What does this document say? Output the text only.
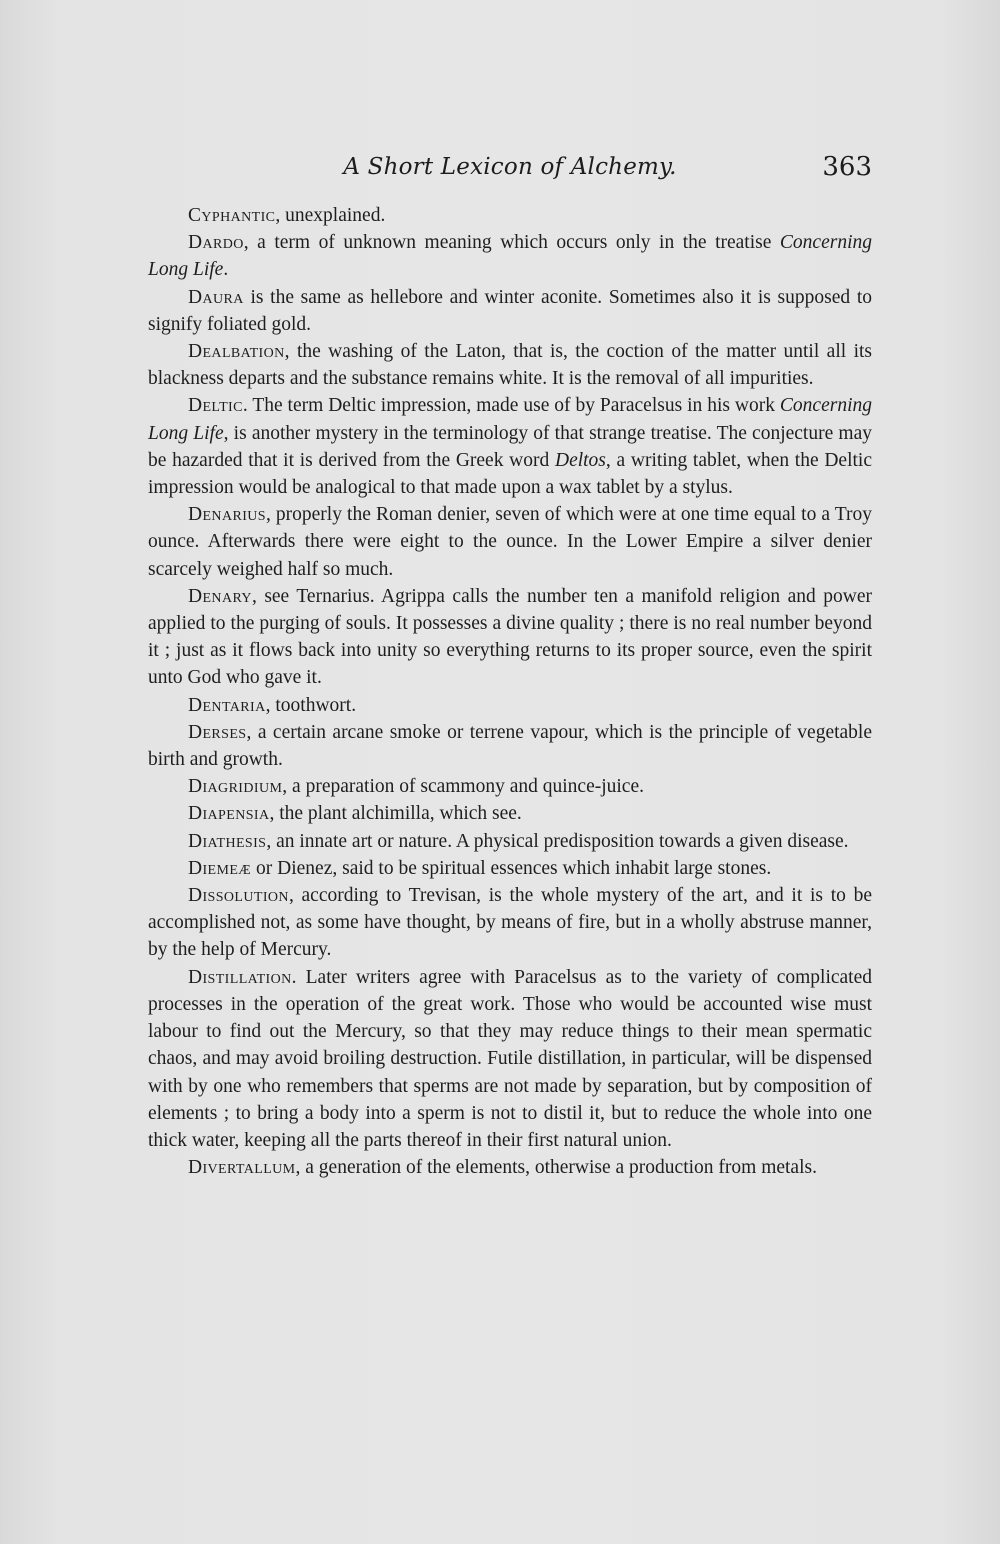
A Short Lexicon of Alchemy.	363

Cyphantic, unexplained.

Dardo, a term of unknown meaning which occurs only in the treatise Concerning Long Life.

Daura is the same as hellebore and winter aconite. Sometimes also it is supposed to signify foliated gold.

Dealbation, the washing of the Laton, that is, the coction of the matter until all its blackness departs and the substance remains white. It is the removal of all impurities.

Deltic. The term Deltic impression, made use of by Paracelsus in his work Concerning Long Life, is another mystery in the terminology of that strange treatise. The conjecture may be hazarded that it is derived from the Greek word Deltos, a writing tablet, when the Deltic impression would be analogical to that made upon a wax tablet by a stylus.

Denarius, properly the Roman denier, seven of which were at one time equal to a Troy ounce. Afterwards there were eight to the ounce. In the Lower Empire a silver denier scarcely weighed half so much.

Denary, see Ternarius. Agrippa calls the number ten a manifold religion and power applied to the purging of souls. It possesses a divine quality ; there is no real number beyond it ; just as it flows back into unity so everything returns to its proper source, even the spirit unto God who gave it.

Dentaria, toothwort.

Derses, a certain arcane smoke or terrene vapour, which is the principle of vegetable birth and growth.

Diagridium, a preparation of scammony and quince-juice.

Diapensia, the plant alchimilla, which see.

Diathesis, an innate art or nature. A physical predisposition towards a given disease.

Diemeæ or Dienez, said to be spiritual essences which inhabit large stones.

Dissolution, according to Trevisan, is the whole mystery of the art, and it is to be accomplished not, as some have thought, by means of fire, but in a wholly abstruse manner, by the help of Mercury.

Distillation. Later writers agree with Paracelsus as to the variety of complicated processes in the operation of the great work. Those who would be accounted wise must labour to find out the Mercury, so that they may reduce things to their mean spermatic chaos, and may avoid broiling destruction. Futile distillation, in particular, will be dispensed with by one who remembers that sperms are not made by separation, but by composition of elements ; to bring a body into a sperm is not to distil it, but to reduce the whole into one thick water, keeping all the parts thereof in their first natural union.

Divertallum, a generation of the elements, otherwise a production from metals.
